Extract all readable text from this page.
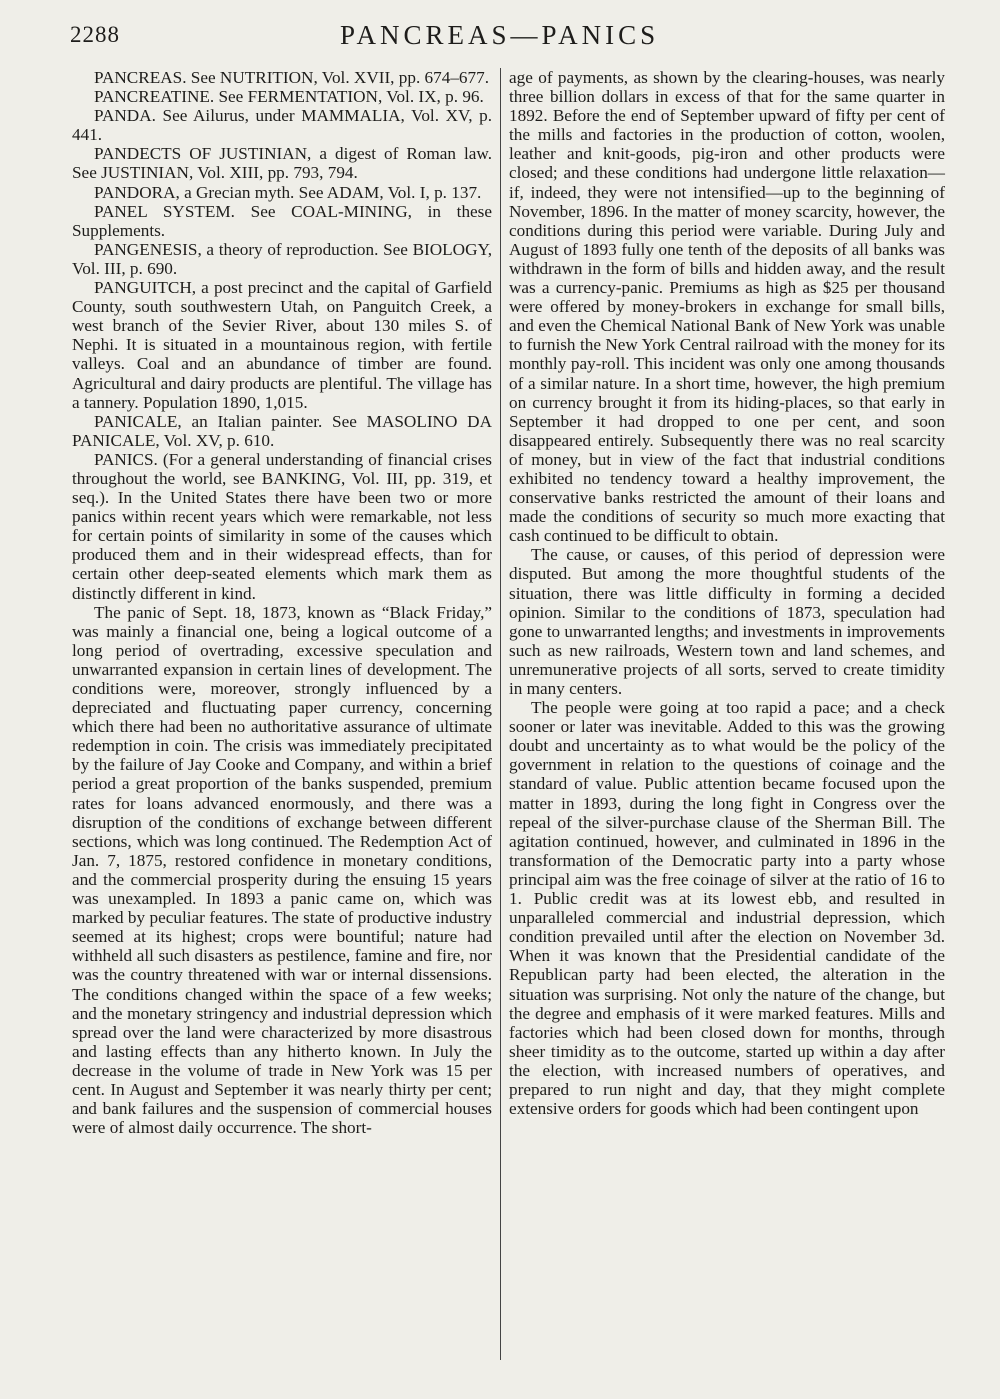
2288	PANCREAS—PANICS

PANCREAS. See NUTRITION, Vol. XVII, pp. 674–677.

PANCREATINE. See FERMENTATION, Vol. IX, p. 96.

PANDA. See Ailurus, under MAMMALIA, Vol. XV, p. 441.

PANDECTS OF JUSTINIAN, a digest of Roman law. See JUSTINIAN, Vol. XIII, pp. 793, 794.

PANDORA, a Grecian myth. See ADAM, Vol. I, p. 137.

PANEL SYSTEM. See COAL-MINING, in these Supplements.

PANGENESIS, a theory of reproduction. See BIOLOGY, Vol. III, p. 690.

PANGUITCH, a post precinct and the capital of Garfield County, south southwestern Utah, on Panguitch Creek, a west branch of the Sevier River, about 130 miles S. of Nephi. It is situated in a mountainous region, with fertile valleys. Coal and an abundance of timber are found. Agricultural and dairy products are plentiful. The village has a tannery. Population 1890, 1,015.

PANICALE, an Italian painter. See MASOLINO DA PANICALE, Vol. XV, p. 610.

PANICS. (For a general understanding of financial crises throughout the world, see BANKING, Vol. III, pp. 319, et seq.). In the United States there have been two or more panics within recent years which were remarkable, not less for certain points of similarity in some of the causes which produced them and in their widespread effects, than for certain other deep-seated elements which mark them as distinctly different in kind.

The panic of Sept. 18, 1873, known as “Black Friday,” was mainly a financial one, being a logical outcome of a long period of overtrading, excessive speculation and unwarranted expansion in certain lines of development. The conditions were, moreover, strongly influenced by a depreciated and fluctuating paper currency, concerning which there had been no authoritative assurance of ultimate redemption in coin. The crisis was immediately precipitated by the failure of Jay Cooke and Company, and within a brief period a great proportion of the banks suspended, premium rates for loans advanced enormously, and there was a disruption of the conditions of exchange between different sections, which was long continued. The Redemption Act of Jan. 7, 1875, restored confidence in monetary conditions, and the commercial prosperity during the ensuing 15 years was unexampled. In 1893 a panic came on, which was marked by peculiar features. The state of productive industry seemed at its highest; crops were bountiful; nature had withheld all such disasters as pestilence, famine and fire, nor was the country threatened with war or internal dissensions. The conditions changed within the space of a few weeks; and the monetary stringency and industrial depression which spread over the land were characterized by more disastrous and lasting effects than any hitherto known. In July the decrease in the volume of trade in New York was 15 per cent. In August and September it was nearly thirty per cent; and bank failures and the suspension of commercial houses were of almost daily occurrence. The short-

age of payments, as shown by the clearing-houses, was nearly three billion dollars in excess of that for the same quarter in 1892. Before the end of September upward of fifty per cent of the mills and factories in the production of cotton, woolen, leather and knit-goods, pig-iron and other products were closed; and these conditions had undergone little relaxation—if, indeed, they were not intensified—up to the beginning of November, 1896. In the matter of money scarcity, however, the conditions during this period were variable. During July and August of 1893 fully one tenth of the deposits of all banks was withdrawn in the form of bills and hidden away, and the result was a currency-panic. Premiums as high as $25 per thousand were offered by money-brokers in exchange for small bills, and even the Chemical National Bank of New York was unable to furnish the New York Central railroad with the money for its monthly pay-roll. This incident was only one among thousands of a similar nature. In a short time, however, the high premium on currency brought it from its hiding-places, so that early in September it had dropped to one per cent, and soon disappeared entirely. Subsequently there was no real scarcity of money, but in view of the fact that industrial conditions exhibited no tendency toward a healthy improvement, the conservative banks restricted the amount of their loans and made the conditions of security so much more exacting that cash continued to be difficult to obtain.

The cause, or causes, of this period of depression were disputed. But among the more thoughtful students of the situation, there was little difficulty in forming a decided opinion. Similar to the conditions of 1873, speculation had gone to unwarranted lengths; and investments in improvements such as new railroads, Western town and land schemes, and unremunerative projects of all sorts, served to create timidity in many centers.

The people were going at too rapid a pace; and a check sooner or later was inevitable. Added to this was the growing doubt and uncertainty as to what would be the policy of the government in relation to the questions of coinage and the standard of value. Public attention became focused upon the matter in 1893, during the long fight in Congress over the repeal of the silver-purchase clause of the Sherman Bill. The agitation continued, however, and culminated in 1896 in the transformation of the Democratic party into a party whose principal aim was the free coinage of silver at the ratio of 16 to 1. Public credit was at its lowest ebb, and resulted in unparalleled commercial and industrial depression, which condition prevailed until after the election on November 3d. When it was known that the Presidential candidate of the Republican party had been elected, the alteration in the situation was surprising. Not only the nature of the change, but the degree and emphasis of it were marked features. Mills and factories which had been closed down for months, through sheer timidity as to the outcome, started up within a day after the election, with increased numbers of operatives, and prepared to run night and day, that they might complete extensive orders for goods which had been contingent upon
